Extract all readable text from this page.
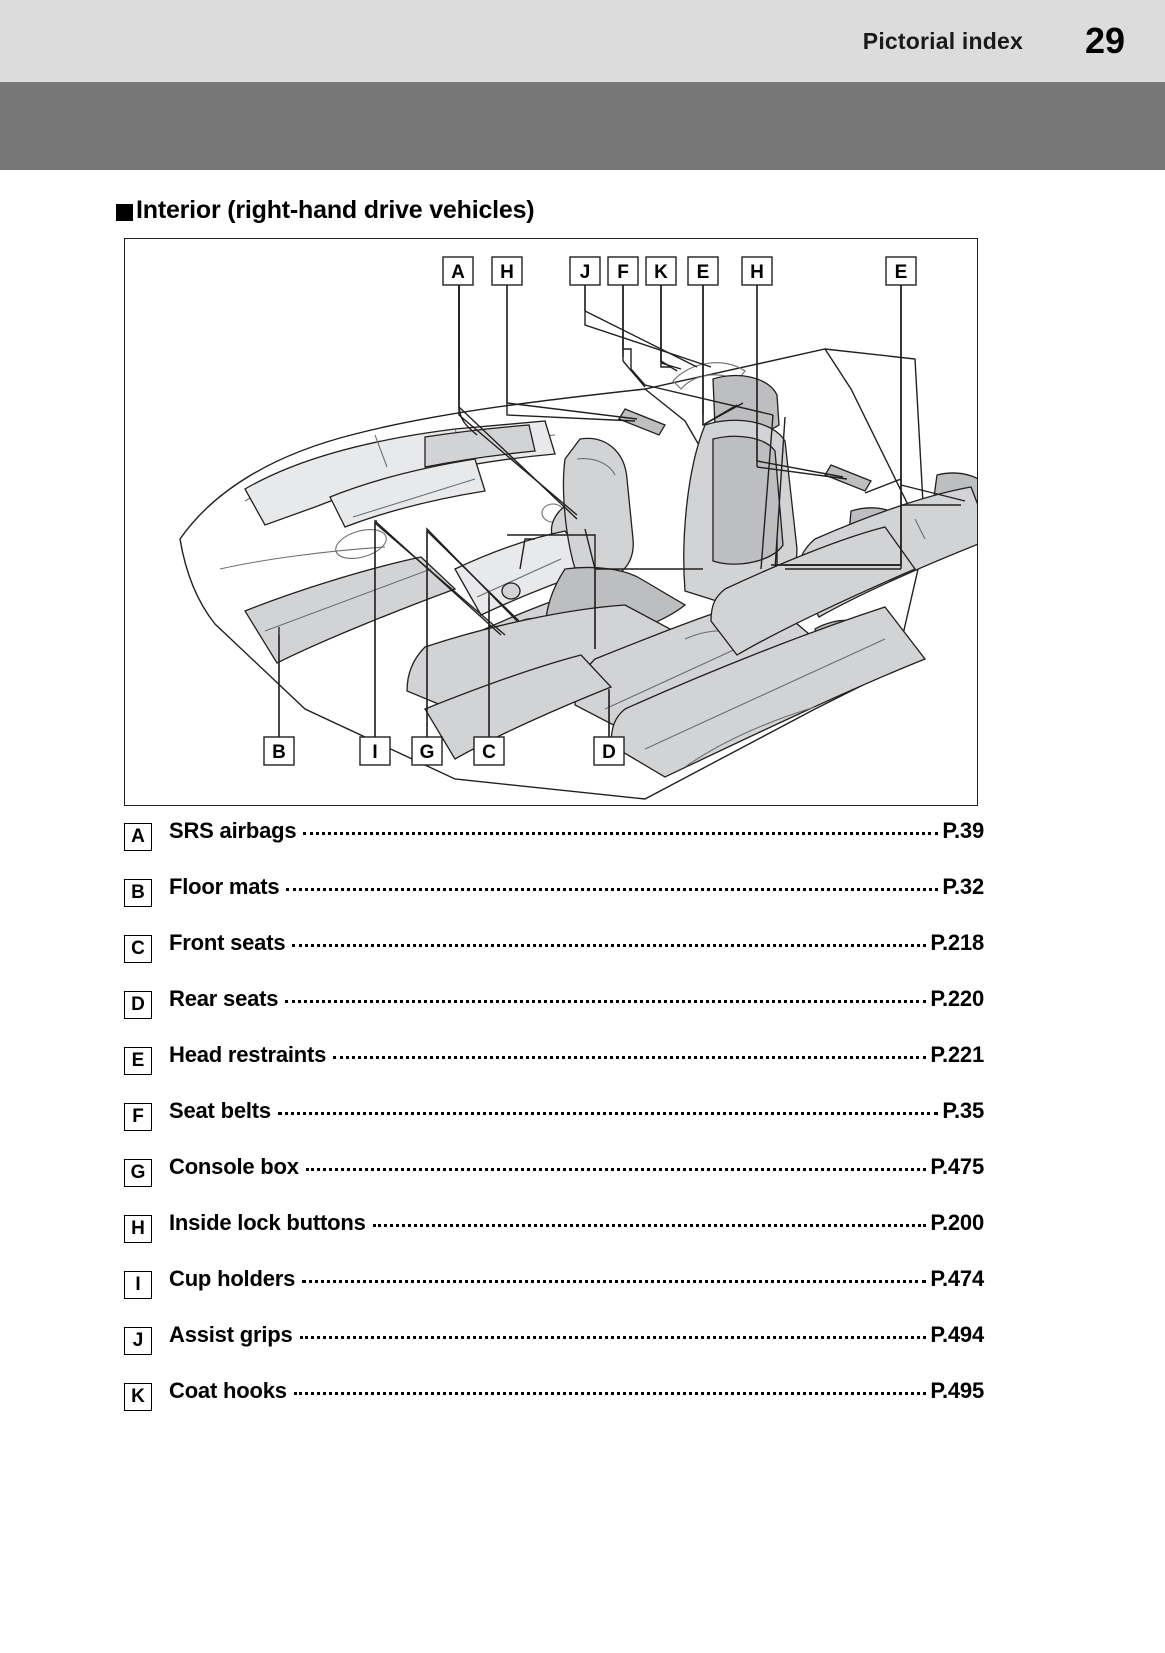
Pictorial index	29
Interior (right-hand drive vehicles)
A H	J F K E H	E
B	I G	C	D
A	SRS airbags	P.39
B	Floor mats	P.32
C	Front seats	P.218
D	Rear seats	P.220
E	Head restraints	P.221
F	Seat belts	P.35
G	Console box	P.475
H	Inside lock buttons	P.200
I	Cup holders	P.474
J	Assist grips	P.494
K	Coat hooks	P.495
